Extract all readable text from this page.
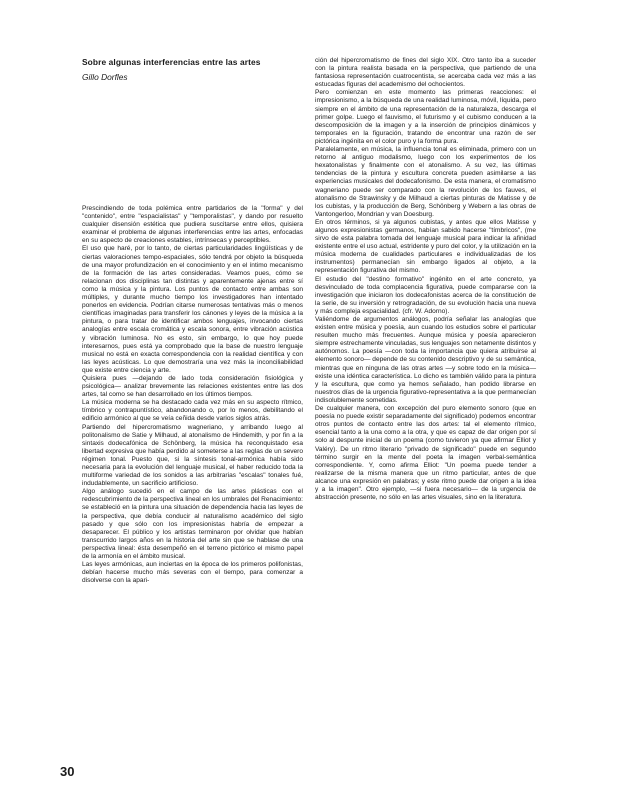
Sobre algunas interferencias entre las artes
Gillo Dorfles

Prescindiendo de toda polémica entre partidarios de la "forma" y del "contenido", entre "espacialistas" y "temporalistas", y dando por resuelto cualquier disensión estética que pudiera suscitarse entre ellos, quisiera examinar el problema de algunas interferencias entre las artes, enfocadas en su aspecto de creaciones estables, intrínsecas y perceptibles.

El uso que haré, por lo tanto, de ciertas particularidades lingüísticas y de ciertas valoraciones tempo-espaciales, sólo tendrá por objeto la búsqueda de una mayor profundización en el conocimiento y en el íntimo mecanismo de la formación de las artes consideradas. Veamos pues, cómo se relacionan dos disciplinas tan distintas y aparentemente ajenas entre sí como la música y la pintura. Los puntos de contacto entre ambas son múltiples, y durante mucho tiempo los investigadores han intentado ponerlos en evidencia. Podrían citarse numerosas tentativas más o menos científicas imaginadas para transferir los cánones y leyes de la música a la pintura, o para tratar de identificar ambos lenguajes, invocando ciertas analogías entre escala cromática y escala sonora, entre vibración acústica y vibración luminosa. No es esto, sin embargo, lo que hoy puede interesarnos, pues está ya comprobado que la base de nuestro lenguaje musical no está en exacta correspondencia con la realidad científica y con las leyes acústicas. Lo que demostraría una vez más la inconciliabilidad que existe entre ciencia y arte.

Quisiera pues —dejando de lado toda consideración fisiológica y psicológica— analizar brevemente las relaciones existentes entre las dos artes, tal como se han desarrollado en los últimos tiempos.

La música moderna se ha destacado cada vez más en su aspecto rítmico, tímbrico y contrapuntístico, abandonando o, por lo menos, debilitando el edificio armónico al que se veía ceñida desde varios siglos atrás.

Partiendo del hipercromatismo wagneriano, y arribando luego al politonalismo de Satie y Milhaud, al atonalismo de Hindemith, y por fin a la sintaxis dodecafónica de Schönberg, la música ha reconquistado esa libertad expresiva que había perdido al someterse a las reglas de un severo régimen tonal. Puesto que, si la síntesis tonal-armónica había sido necesaria para la evolución del lenguaje musical, el haber reducido toda la multiforme variedad de los sonidos a las arbitrarias "escalas" tonales fué, indudablemente, un sacrificio artificioso.

Algo análogo sucedió en el campo de las artes plásticas con el redescubrimiento de la perspectiva lineal en los umbrales del Renacimiento: se estableció en la pintura una situación de dependencia hacia las leyes de la perspectiva, que debía conducir al naturalismo académico del siglo pasado y que sólo con los impresionistas habría de empezar a desaparecer. El público y los artistas terminaron por olvidar que habían transcurrido largos años en la historia del arte sin que se hablase de una perspectiva lineal: ésta desempeñó en el terreno pictórico el mismo papel de la armonía en el ámbito musical.

Las leyes armónicas, aun inciertas en la época de los primeros polifonistas, debían hacerse mucho más severas con el tiempo, para comenzar a disolverse con la apari-

ción del hipercromatismo de fines del siglo XIX. Otro tanto iba a suceder con la pintura realista basada en la perspectiva, que partiendo de una fantasiosa representación cuatrocentista, se acercaba cada vez más a las estucadas figuras del academismo del ochocientos.

Pero comienzan en este momento las primeras reacciones: el impresionismo, a la búsqueda de una realidad luminosa, móvil, líquida, pero siempre en el ámbito de una representación de la naturaleza, descarga el primer golpe. Luego el fauvismo, el futurismo y el cubismo conducen a la descomposición de la imagen y a la inserción de principios dinámicos y temporales en la figuración, tratando de encontrar una razón de ser pictórica ingénita en el color puro y la forma pura.

Paralelamente, en música, la influencia tonal es eliminada, primero con un retorno al antiguo modalismo, luego con los experimentos de los hexatonalistas y finalmente con el atonalismo. A su vez, las últimas tendencias de la pintura y escultura concreta pueden asimilarse a las experiencias musicales del dodecafonismo. De esta manera, el cromatismo wagneriano puede ser comparado con la revolución de los fauves, el atonalismo de Strawinsky y de Milhaud a ciertas pinturas de Matisse y de los cubistas, y la producción de Berg, Schönberg y Webern a las obras de Vantongerloo, Mondrian y van Doesburg.

En otros términos, si ya algunos cubistas, y antes que ellos Matisse y algunos expresionistas germanos, habían sabido hacerse "tímbricos", (me sirvo de esta palabra tomada del lenguaje musical para indicar la afinidad existente entre el uso actual, estridente y puro del color, y la utilización en la música moderna de cualidades particulares e individualizadas de los instrumentos) permanecían sin embargo ligados al objeto, a la representación figurativa del mismo.

El estudio del "destino formativo" ingénito en el arte concreto, ya desvinculado de toda complacencia figurativa, puede compararse con la investigación que iniciaron los dodecafonistas acerca de la constitución de la serie, de su inversión y retrogradación, de su evolución hacia una nueva y más compleja espacialidad. (cfr. W. Adorno).

Valiéndome de argumentos análogos, podría señalar las analogías que existen entre música y poesía, aun cuando los estudios sobre el particular resulten mucho más frecuentes. Aunque música y poesía aparecieron siempre estrechamente vinculadas, sus lenguajes son netamente distintos y autónomos. La poesía —con toda la importancia que quiera atribuirse al elemento sonoro— depende de su contenido descriptivo y de su semántica, mientras que en ninguna de las otras artes —y sobre todo en la música— existe una idéntica característica. Lo dicho es también válido para la pintura y la escultura, que como ya hemos señalado, han podido librarse en nuestros días de la urgencia figurativo-representativa a la que permanecían indisolublemente sometidas.

De cualquier manera, con excepción del puro elemento sonoro (que en poesía no puede existir separadamente del significado) podemos encontrar otros puntos de contacto entre las dos artes: tal el elemento rítmico, esencial tanto a la una como a la otra, y que es capaz de dar origen por sí solo al despunte inicial de un poema (como tuvieron ya que afirmar Elliot y Valéry). De un ritmo literario "privado de significado" puede en segundo término surgir en la mente del poeta la imagen verbal-semántica correspondiente. Y, como afirma Elliot: "Un poema puede tender a realizarse de la misma manera que un ritmo particular, antes de que alcance una expresión en palabras; y este ritmo puede dar origen a la idea y a la imagen". Otro ejemplo, —si fuera necesario— de la urgencia de abstracción presente, no sólo en las artes visuales, sino en la literatura.

30
